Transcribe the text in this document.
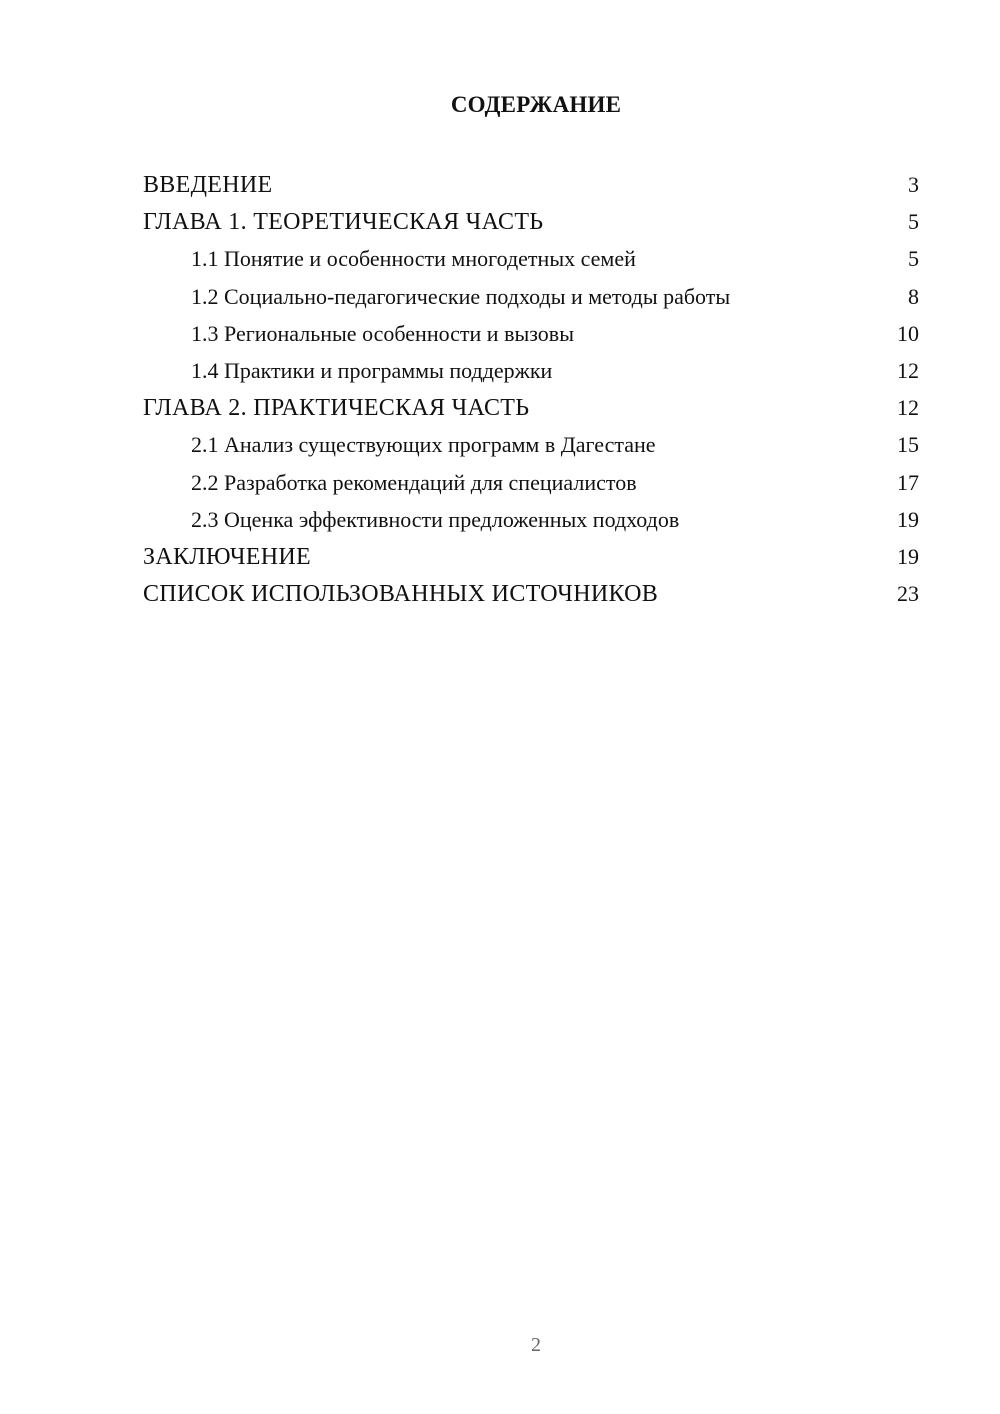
СОДЕРЖАНИЕ
ВВЕДЕНИЕ	3
ГЛАВА 1. ТЕОРЕТИЧЕСКАЯ ЧАСТЬ	5
1.1 Понятие и особенности многодетных семей	5
1.2 Социально-педагогические подходы и методы работы	8
1.3 Региональные особенности и вызовы	10
1.4 Практики и программы поддержки	12
ГЛАВА 2. ПРАКТИЧЕСКАЯ ЧАСТЬ	12
2.1 Анализ существующих программ в Дагестане	15
2.2 Разработка рекомендаций для специалистов	17
2.3 Оценка эффективности предложенных подходов	19
ЗАКЛЮЧЕНИЕ	19
СПИСОК ИСПОЛЬЗОВАННЫХ ИСТОЧНИКОВ	23
2
